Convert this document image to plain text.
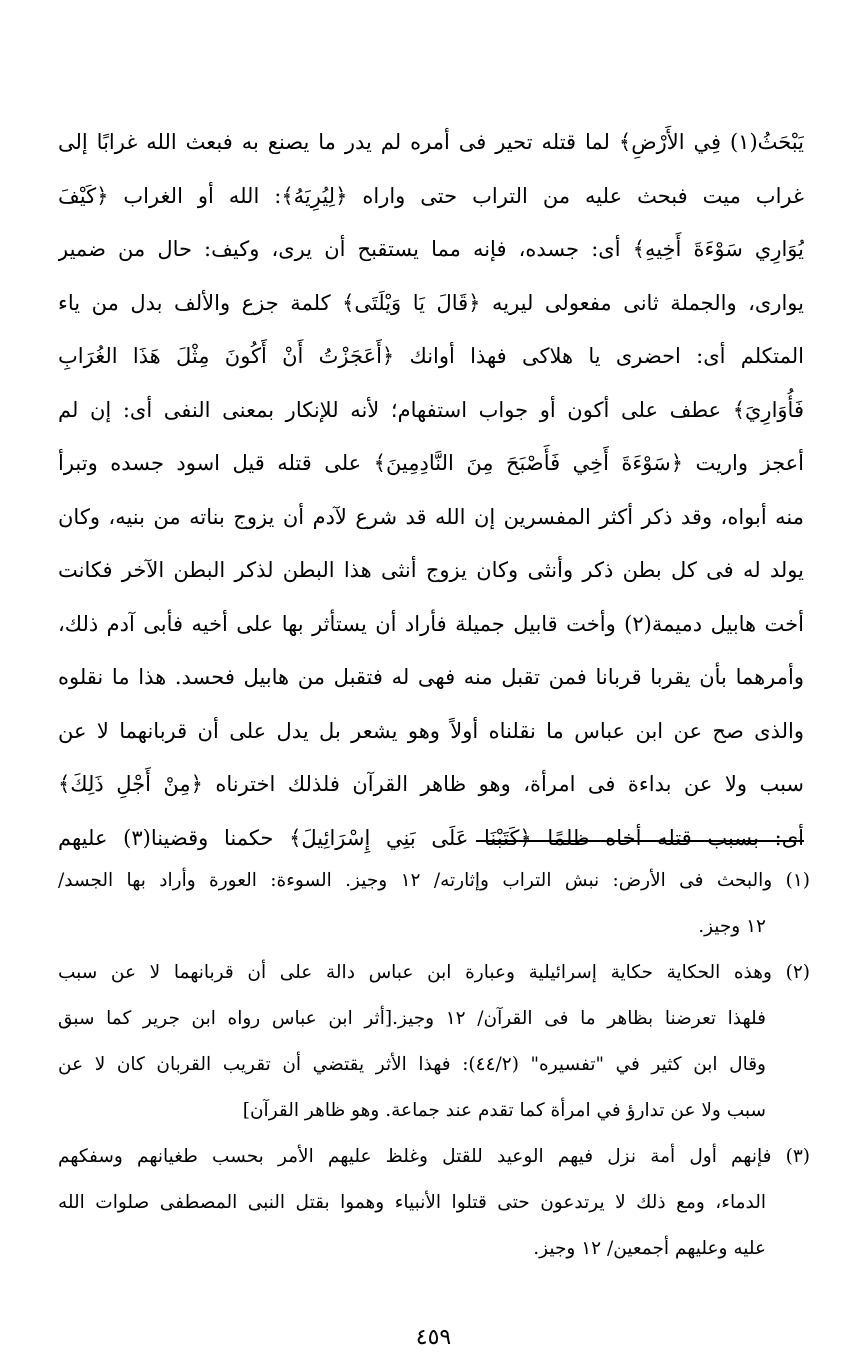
يَبْحَثُ(١) فِي الأَرْضِ﴾ لما قتله تحير فى أمره لم يدر ما يصنع به فبعث الله غرابًا إلى
غراب ميت فبحث عليه من التراب حتى واراه ﴿لِيُرِيَهُ﴾: الله أو الغراب ﴿كَيْفَ
يُوَارِي سَوْءَةَ أَخِيهِ﴾ أى: جسده، فإنه مما يستقبح أن يرى، وكيف: حال من ضمير
يوارى، والجملة ثانى مفعولى ليريه ﴿قَالَ يَا وَيْلَتَى﴾ كلمة جزع والألف بدل من ياء
المتكلم أى: احضرى يا هلاكى فهذا أوانك ﴿أَعَجَزْتُ أَنْ أَكُونَ مِثْلَ هَذَا الغُرَابِ
فَأُوَارِيَ﴾ عطف على أكون أو جواب استفهام؛ لأنه للإنكار بمعنى النفى أى: إن لم
أعجز واريت ﴿سَوْءَةَ أَخِي فَأَصْبَحَ مِنَ النَّادِمِينَ﴾ على قتله قيل اسود جسده وتبرأ
منه أبواه، وقد ذكر أكثر المفسرين إن الله قد شرع لآدم أن يزوج بناته من بنيه، وكان
يولد له فى كل بطن ذكر وأنثى وكان يزوج أنثى هذا البطن لذكر البطن الآخر فكانت
أخت هابيل دميمة(٢) وأخت قابيل جميلة فأراد أن يستأثر بها على أخيه فأبى آدم ذلك،
وأمرهما بأن يقربا قربانا فمن تقبل منه فهى له فتقبل من هابيل فحسد. هذا ما نقلوه
والذى صح عن ابن عباس ما نقلناه أولاً وهو يشعر بل يدل على أن قربانهما لا عن
سبب ولا عن بداءة فى امرأة، وهو ظاهر القرآن فلذلك اخترناه ﴿مِنْ أَجْلِ ذَلِكَ﴾
أى: بسبب قتله أخاه ظلمًا ﴿كَتَبْنَا عَلَى بَنِي إِسْرَائِيلَ﴾ حكمنا وقضينا(٣) عليهم
(١) والبحث فى الأرض: نبش التراب وإثارته/ ١٢ وجيز. السوءة: العورة وأراد بها الجسد/
١٢ وجيز.
(٢) وهذه الحكاية حكاية إسرائيلية وعبارة ابن عباس دالة على أن قربانهما لا عن سبب
فلهذا تعرضنا بظاهر ما فى القرآن/ ١٢ وجيز.[أثر ابن عباس رواه ابن جرير كما سبق
وقال ابن كثير في "تفسيره" (٤٤/٢): فهذا الأثر يقتضي أن تقريب القربان كان لا عن
سبب ولا عن تدارؤ في امرأة كما تقدم عند جماعة. وهو ظاهر القرآن]
(٣) فإنهم أول أمة نزل فيهم الوعيد للقتل وغلظ عليهم الأمر بحسب طغيانهم وسفكهم
الدماء، ومع ذلك لا يرتدعون حتى قتلوا الأنبياء وهموا بقتل النبى المصطفى صلوات الله
عليه وعليهم أجمعين/ ١٢ وجيز.
٤٥٩
